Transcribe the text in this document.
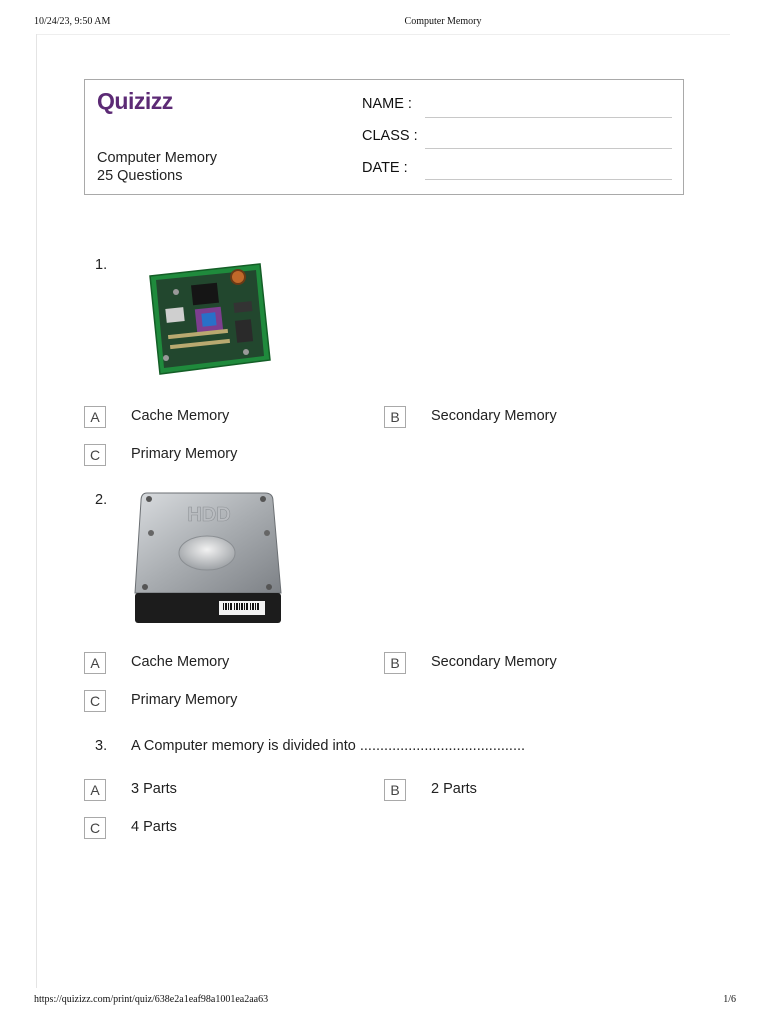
10/24/23, 9:50 AM	Computer Memory
Quizizz
Computer Memory
25 Questions
NAME :
CLASS :
DATE :
1.
A	Cache Memory	B	Secondary Memory
C	Primary Memory
2.
HDD
A	Cache Memory	B	Secondary Memory
C	Primary Memory
3. A Computer memory is divided into .........................................
A	3 Parts	B	2 Parts
C	4 Parts
https://quizizz.com/print/quiz/638e2a1eaf98a1001ea2aa63	1/6
